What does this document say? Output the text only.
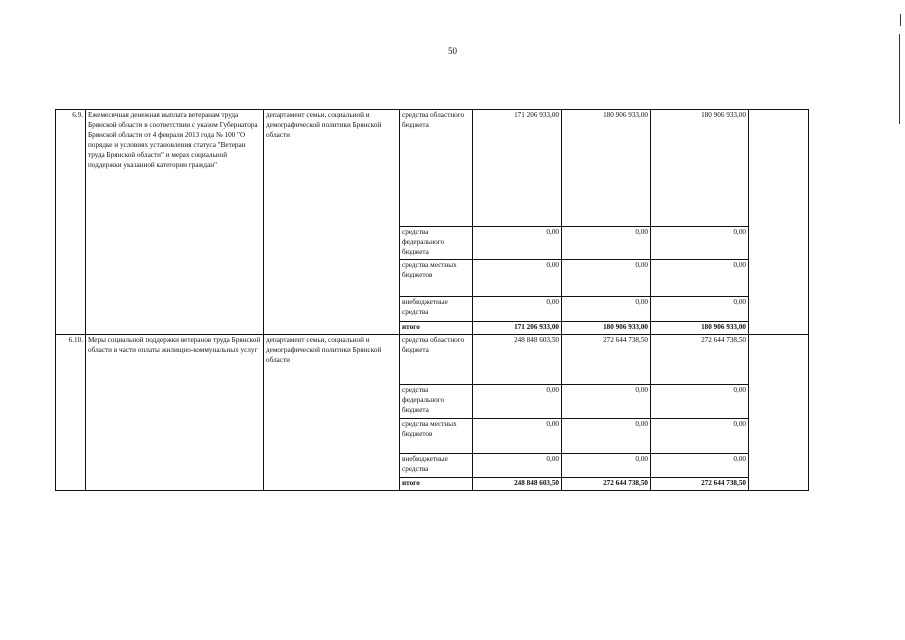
50
6.9.	Ежемесячная денежная выплата ветеранам труда Брянской области в соответствии с указом Губернатора Брянской области от 4 февраля 2013 года № 100 "О порядке и условиях установления статуса "Ветеран труда Брянской области" и мерах социальной поддержки указанной категории граждан"	департамент семьи, социальной и демографической политики Брянской области	средства областного бюджета	171 206 933,00	180 906 933,00	180 906 933,00	
			средства федерального бюджета	0,00	0,00	0,00	
			средства местных бюджетов	0,00	0,00	0,00	
			внебюджетные средства	0,00	0,00	0,00	
			итого	171 206 933,00	180 906 933,00	180 906 933,00	
6.10.	Меры социальной поддержки ветеранов труда Брянской области в части оплаты жилищно-коммунальных услуг	департамент семьи, социальной и демографической политики Брянской области	средства областного бюджета	248 848 603,50	272 644 738,50	272 644 738,50	
			средства федерального бюджета	0,00	0,00	0,00	
			средства местных бюджетов	0,00	0,00	0,00	
			внебюджетные средства	0,00	0,00	0,00	
			итого	248 848 603,50	272 644 738,50	272 644 738,50	
